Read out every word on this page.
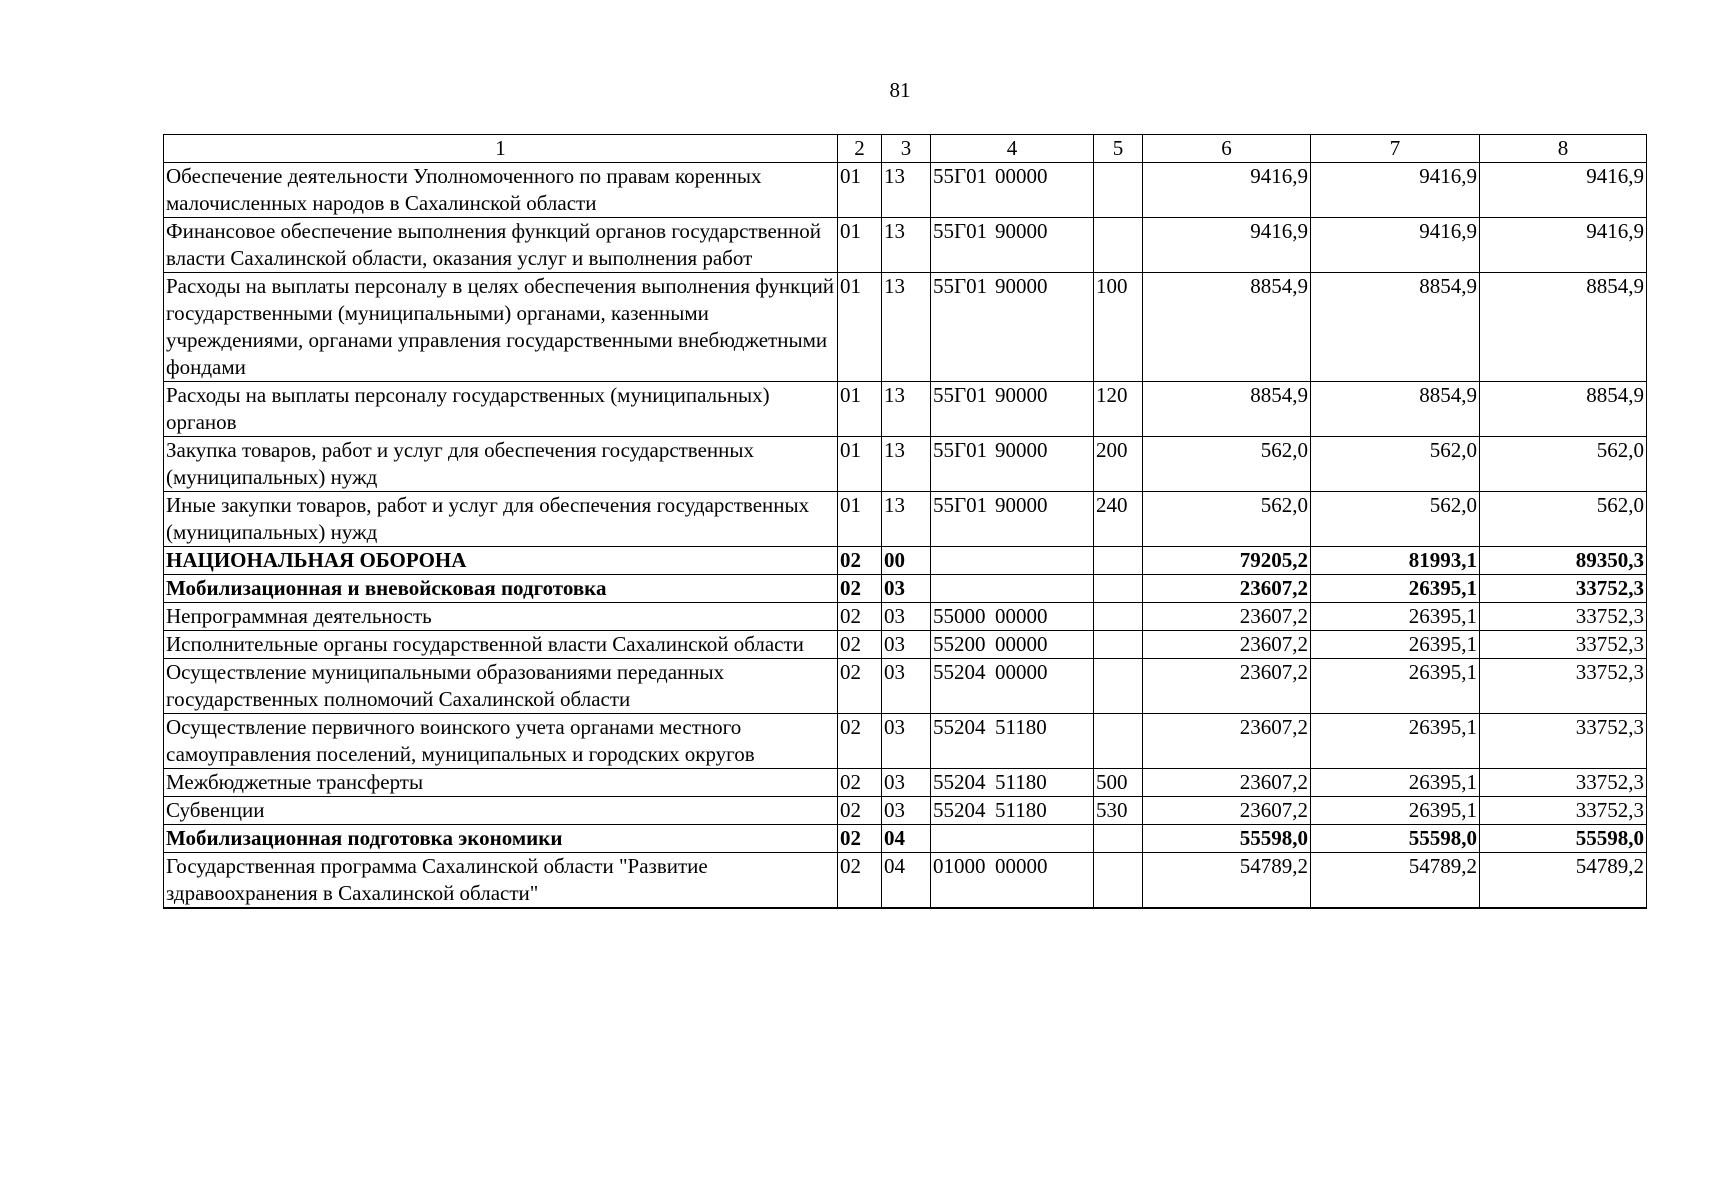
81
1	2	3	4	5	6	7	8
Обеспечение деятельности Уполномоченного по правам коренных малочисленных народов в Сахалинской области	01	13	55Г01 00000		9416,9	9416,9	9416,9
Финансовое обеспечение выполнения функций органов государственной власти Сахалинской области, оказания услуг и выполнения работ	01	13	55Г01 90000		9416,9	9416,9	9416,9
Расходы на выплаты персоналу в целях обеспечения выполнения функций государственными (муниципальными) органами, казенными учреждениями, органами управления государственными внебюджетными фондами	01	13	55Г01 90000	100	8854,9	8854,9	8854,9
Расходы на выплаты персоналу государственных (муниципальных) органов	01	13	55Г01 90000	120	8854,9	8854,9	8854,9
Закупка товаров, работ и услуг для обеспечения государственных (муниципальных) нужд	01	13	55Г01 90000	200	562,0	562,0	562,0
Иные закупки товаров, работ и услуг для обеспечения государственных (муниципальных) нужд	01	13	55Г01 90000	240	562,0	562,0	562,0
НАЦИОНАЛЬНАЯ ОБОРОНА	02	00			79205,2	81993,1	89350,3
Мобилизационная и вневойсковая подготовка	02	03			23607,2	26395,1	33752,3
Непрограммная деятельность	02	03	55000 00000		23607,2	26395,1	33752,3
Исполнительные органы государственной власти Сахалинской области	02	03	55200 00000		23607,2	26395,1	33752,3
Осуществление муниципальными образованиями переданных государственных полномочий Сахалинской области	02	03	55204 00000		23607,2	26395,1	33752,3
Осуществление первичного воинского учета органами местного самоуправления поселений, муниципальных и городских округов	02	03	55204 51180		23607,2	26395,1	33752,3
Межбюджетные трансферты	02	03	55204 51180	500	23607,2	26395,1	33752,3
Субвенции	02	03	55204 51180	530	23607,2	26395,1	33752,3
Мобилизационная подготовка экономики	02	04			55598,0	55598,0	55598,0
Государственная программа Сахалинской области "Развитие здравоохранения в Сахалинской области"	02	04	01000 00000		54789,2	54789,2	54789,2
